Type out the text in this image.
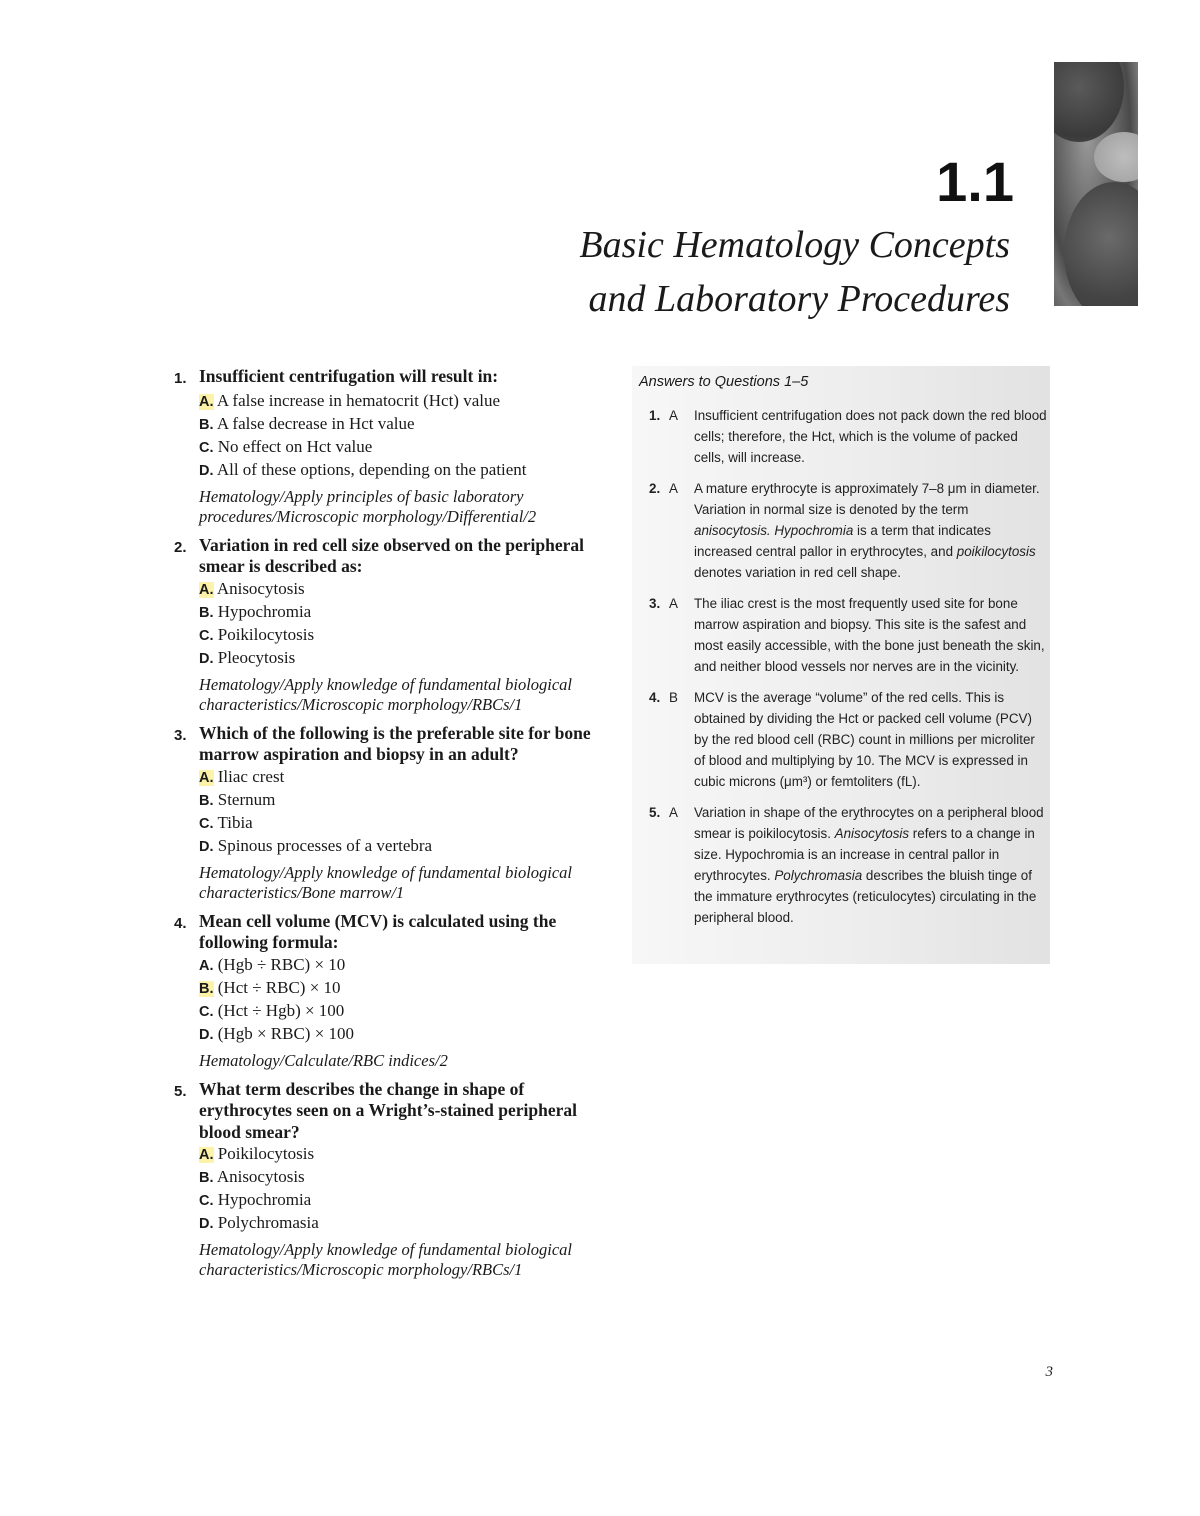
1.1
Basic Hematology Concepts
and Laboratory Procedures
1. Insufficient centrifugation will result in:
A. A false increase in hematocrit (Hct) value
B. A false decrease in Hct value
C. No effect on Hct value
D. All of these options, depending on the patient
Hematology/Apply principles of basic laboratory procedures/Microscopic morphology/Differential/2
2. Variation in red cell size observed on the peripheral smear is described as:
A. Anisocytosis
B. Hypochromia
C. Poikilocytosis
D. Pleocytosis
Hematology/Apply knowledge of fundamental biological characteristics/Microscopic morphology/RBCs/1
3. Which of the following is the preferable site for bone marrow aspiration and biopsy in an adult?
A. Iliac crest
B. Sternum
C. Tibia
D. Spinous processes of a vertebra
Hematology/Apply knowledge of fundamental biological characteristics/Bone marrow/1
4. Mean cell volume (MCV) is calculated using the following formula:
A. (Hgb ÷ RBC) × 10
B. (Hct ÷ RBC) × 10
C. (Hct ÷ Hgb) × 100
D. (Hgb × RBC) × 100
Hematology/Calculate/RBC indices/2
5. What term describes the change in shape of erythrocytes seen on a Wright’s-stained peripheral blood smear?
A. Poikilocytosis
B. Anisocytosis
C. Hypochromia
D. Polychromasia
Hematology/Apply knowledge of fundamental biological characteristics/Microscopic morphology/RBCs/1
Answers to Questions 1–5
1. A	Insufficient centrifugation does not pack down the red blood cells; therefore, the Hct, which is the volume of packed cells, will increase.
2. A	A mature erythrocyte is approximately 7–8 μm in diameter. Variation in normal size is denoted by the term anisocytosis. Hypochromia is a term that indicates increased central pallor in erythrocytes, and poikilocytosis denotes variation in red cell shape.
3. A	The iliac crest is the most frequently used site for bone marrow aspiration and biopsy. This site is the safest and most easily accessible, with the bone just beneath the skin, and neither blood vessels nor nerves are in the vicinity.
4. B	MCV is the average “volume” of the red cells. This is obtained by dividing the Hct or packed cell volume (PCV) by the red blood cell (RBC) count in millions per microliter of blood and multiplying by 10. The MCV is expressed in cubic microns (μm³) or femtoliters (fL).
5. A	Variation in shape of the erythrocytes on a peripheral blood smear is poikilocytosis. Anisocytosis refers to a change in size. Hypochromia is an increase in central pallor in erythrocytes. Polychromasia describes the bluish tinge of the immature erythrocytes (reticulocytes) circulating in the peripheral blood.
3
